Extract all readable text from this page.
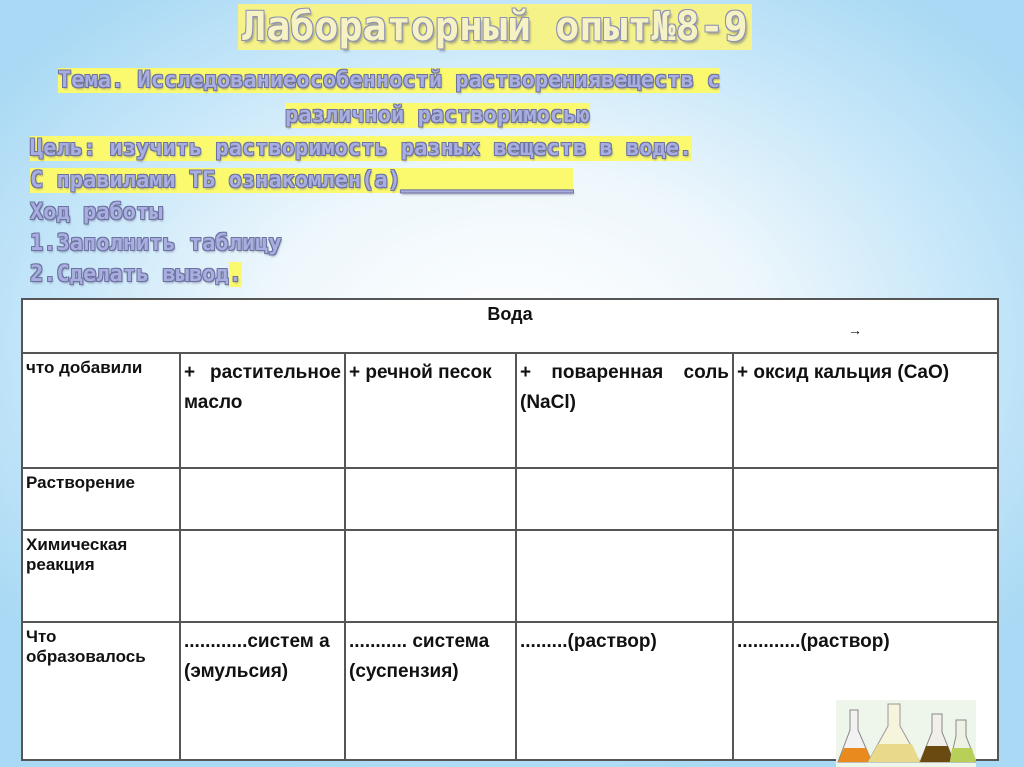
Лабораторный опыт№8-9
Тема. Исследованиеособенностй растворениявеществ с
различной растворимосью
Цель: изучить растворимость разных веществ в воде.
С правилами ТБ ознакомлен(а)_____________
Ход работы
1.Заполнить таблицу
2.Сделать вывод.
Вода
→				

что добавили	+ растительное масло	+ речной песок	+ поваренная соль (NaCl)	+ оксид кальция (CaO)
Растворение				
Химическая реакция				
Что образовалось	............систем а (эмульсия)	........... система (суспензия)	.........(раствор)	............(раствор)
